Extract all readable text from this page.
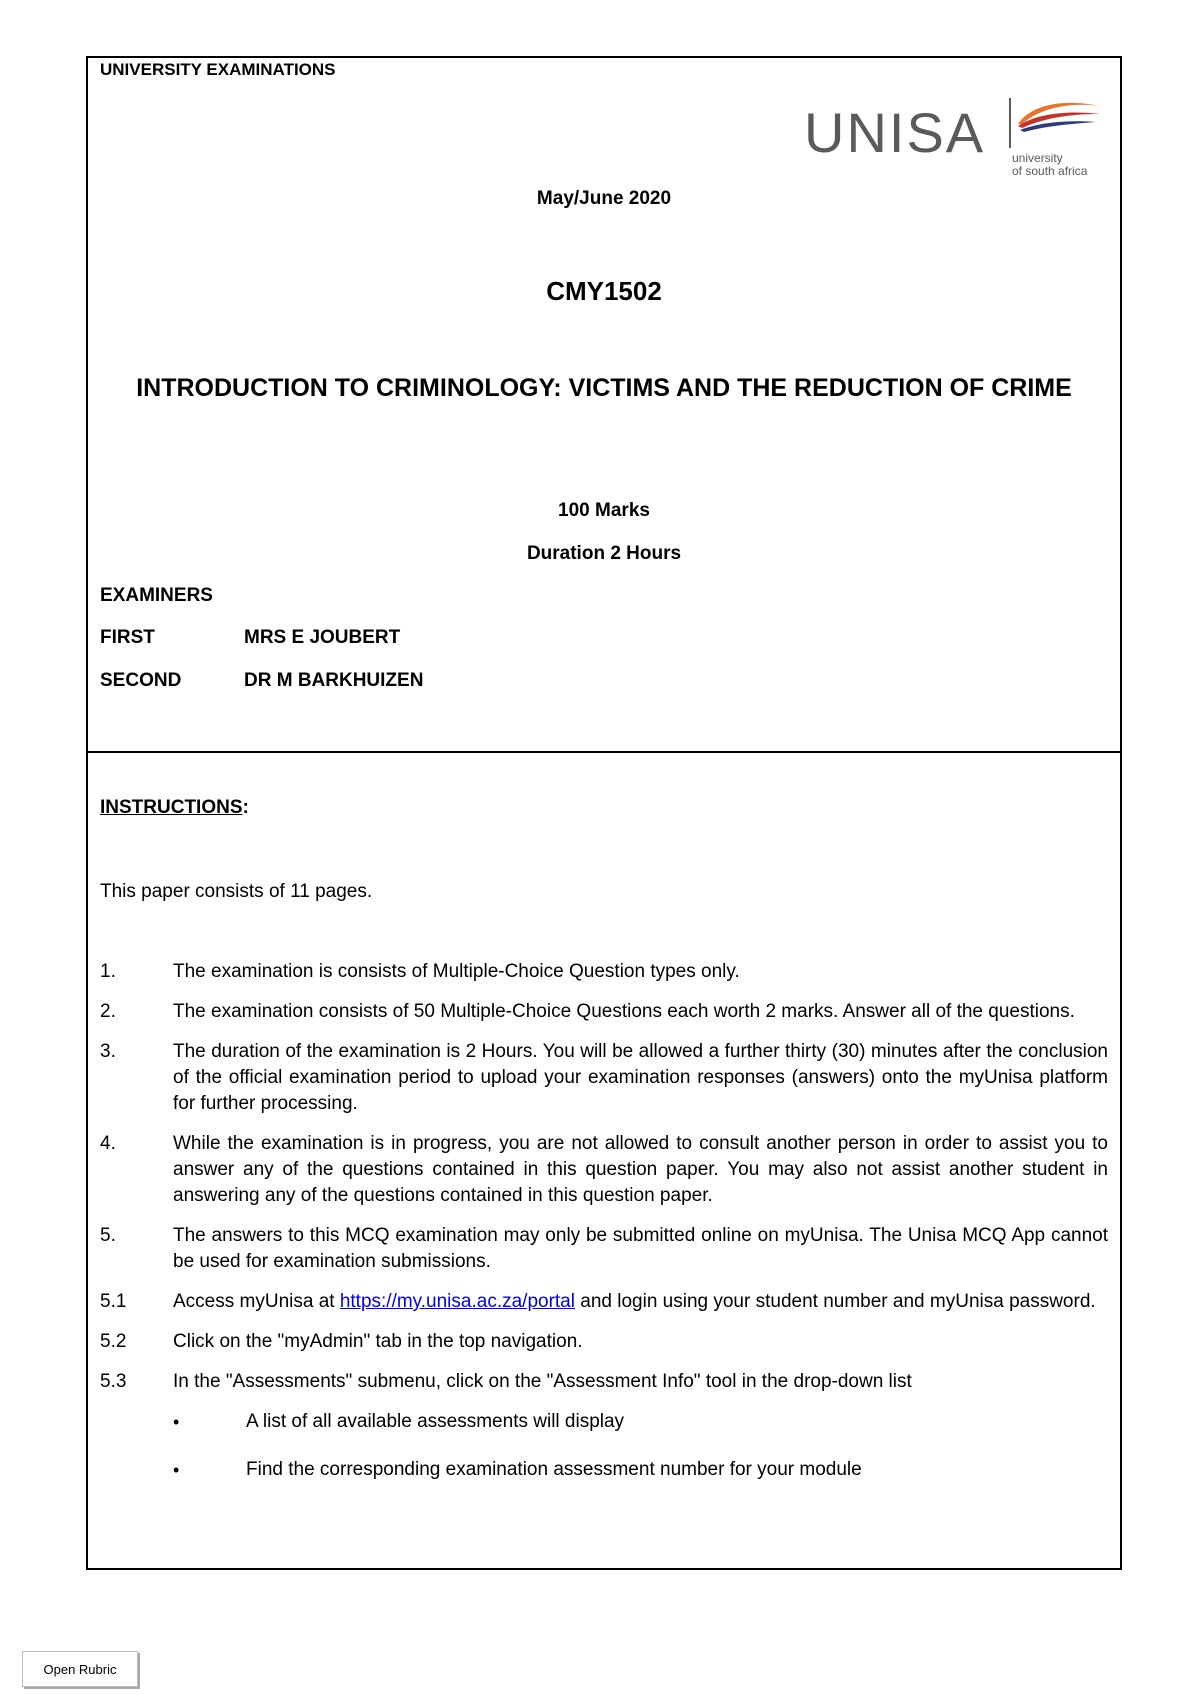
UNIVERSITY EXAMINATIONS
UNISA university
of south africa
May/June 2020
CMY1502
INTRODUCTION TO CRIMINOLOGY: VICTIMS AND THE REDUCTION OF CRIME
100 Marks
Duration 2 Hours
EXAMINERS
FIRST	MRS E JOUBERT
SECOND	DR M BARKHUIZEN
INSTRUCTIONS:
This paper consists of 11 pages.
1.	The examination is consists of Multiple-Choice Question types only.
2.	The examination consists of 50 Multiple-Choice Questions each worth 2 marks. Answer all of the questions.
3.	The duration of the examination is 2 Hours. You will be allowed a further thirty (30) minutes after the conclusion of the official examination period to upload your examination responses (answers) onto the myUnisa platform for further processing.
4.	While the examination is in progress, you are not allowed to consult another person in order to assist you to answer any of the questions contained in this question paper. You may also not assist another student in answering any of the questions contained in this question paper.
5.	The answers to this MCQ examination may only be submitted online on myUnisa. The Unisa MCQ App cannot be used for examination submissions.
5.1	Access myUnisa at https://my.unisa.ac.za/portal and login using your student number and myUnisa password.
5.2	Click on the "myAdmin" tab in the top navigation.
5.3	In the "Assessments" submenu, click on the "Assessment Info" tool in the drop-down list
•	A list of all available assessments will display
•	Find the corresponding examination assessment number for your module
Open Rubric
